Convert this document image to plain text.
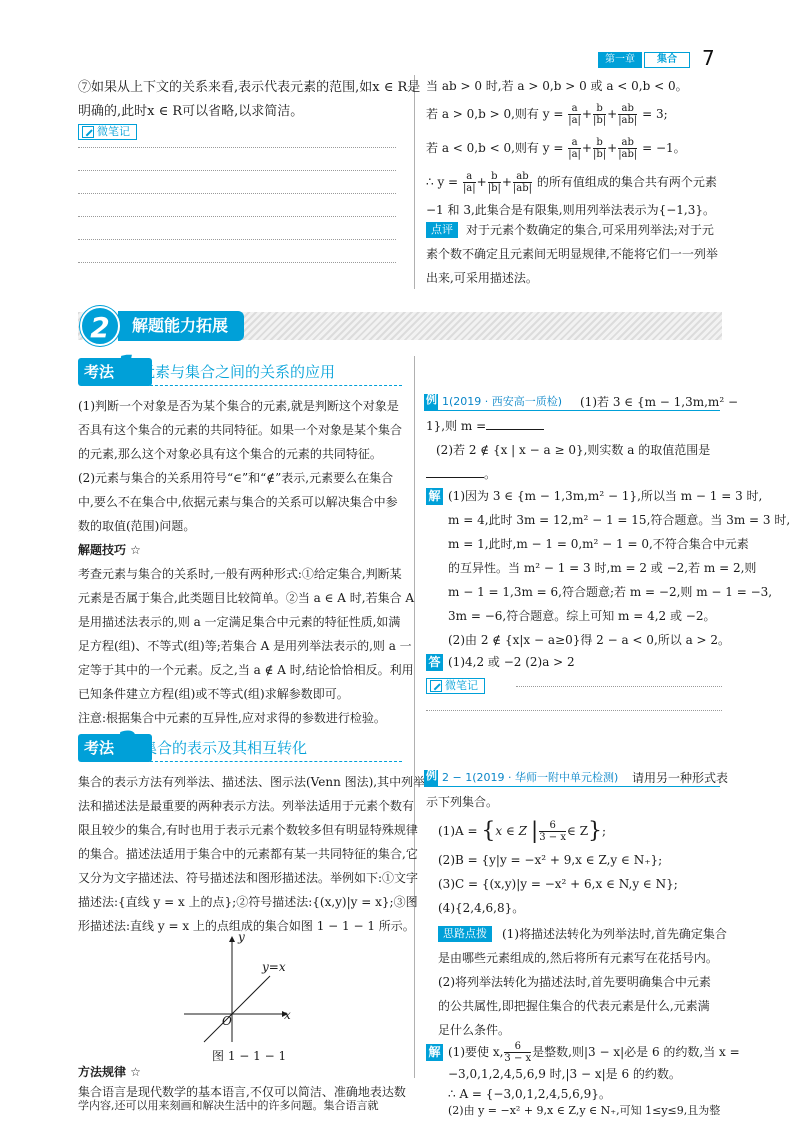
第一章	集合	7
⑦如果从上下文的关系来看,表示代表元素的范围,如x ∈ R是
明确的,此时x ∈ R可以省略,以求简洁。
微笔记
当 ab > 0 时,若 a > 0,b > 0 或 a < 0,b < 0。
若 a > 0,b > 0,则有 $y = \frac{a}{|a|} + \frac{b}{|b|} + \frac{ab}{|ab|} = 3$;
若 a < 0,b < 0,则有 $y = \frac{a}{|a|} + \frac{b}{|b|} + \frac{ab}{|ab|} = -1$。
∴ $y = \frac{a}{|a|} + \frac{b}{|b|} + \frac{ab}{|ab|}$ 的所有值组成的集合共有两个元素
−1 和 3,此集合是有限集,则用列举法表示为{−1,3}。
点评	对于元素个数确定的集合,可采用列举法;对于元
素个数不确定且元素间无明显规律,不能将它们一一列举
出来,可采用描述法。
解题能力拓展
2
考法 1 元素与集合之间的关系的应用
(1)判断一个对象是否为某个集合的元素,就是判断这个对象是
否具有这个集合的元素的共同特征。如果一个对象是某个集合
的元素,那么这个对象必具有这个集合的元素的共同特征。
(2)元素与集合的关系用符号“∈”和“∉”表示,元素要么在集合
中,要么不在集合中,依据元素与集合的关系可以解决集合中参
数的取值(范围)问题。
解题技巧 ☆
考查元素与集合的关系时,一般有两种形式:①给定集合,判断某
元素是否属于集合,此类题目比较简单。②当 a ∈ A 时,若集合 A
是用描述法表示的,则 a 一定满足集合中元素的特征性质,如满
足方程(组)、不等式(组)等;若集合 A 是用列举法表示的,则 a 一
定等于其中的一个元素。反之,当 a ∉ A 时,结论恰恰相反。利用
已知条件建立方程(组)或不等式(组)求解参数即可。
注意:根据集合中元素的互异性,应对求得的参数进行检验。
考法 2 集合的表示及其相互转化
集合的表示方法有列举法、描述法、图示法(Venn 图法),其中列举
法和描述法是最重要的两种表示方法。列举法适用于元素个数有
限且较少的集合,有时也用于表示元素个数较多但有明显特殊规律
的集合。描述法适用于集合中的元素都有某一共同特征的集合,它
又分为文字描述法、符号描述法和图形描述法。举例如下:①文字
描述法:{直线 y = x 上的点};②符号描述法:{(x,y)|y = x};③图
形描述法:直线 y = x 上的点组成的集合如图 1 − 1 − 1 所示。
y
x
O
y=x
图 1 − 1 − 1
方法规律 ☆
集合语言是现代数学的基本语言,不仅可以简洁、准确地表达数
学内容,还可以用来刻画和解决生活中的许多问题。集合语言就
例 1(2019 · 西安高一质检) (1)若 3 ∈ {m − 1,3m,m² −
1},则 m =
(2)若 2 ∉ {x | x − a ≥ 0},则实数 a 的取值范围是
。
解 (1)因为 3 ∈ {m − 1,3m,m² − 1},所以当 m − 1 = 3 时,
m = 4,此时 3m = 12,m² − 1 = 15,符合题意。当 3m = 3 时,
m = 1,此时,m − 1 = 0,m² − 1 = 0,不符合集合中元素
的互异性。当 m² − 1 = 3 时,m = 2 或 −2,若 m = 2,则
m − 1 = 1,3m = 6,符合题意;若 m = −2,则 m − 1 = −3,
3m = −6,符合题意。综上可知 m = 4,2 或 −2。
(2)由 2 ∉ {x|x − a≥0}得 2 − a < 0,所以 a > 2。
答 (1)4,2 或 −2 (2)a > 2
微笔记
例 2 − 1(2019 · 华师一附中单元检测) 请用另一种形式表
示下列集合。
(1)A = {x ∈ Z | $\frac{6}{3 - x}$ ∈ Z};
(2)B = {y|y = −x² + 9,x ∈ Z,y ∈ N₊};
(3)C = {(x,y)|y = −x² + 6,x ∈ N,y ∈ N};
(4){2,4,6,8}。
思路点拨	(1)将描述法转化为列举法时,首先确定集合
是由哪些元素组成的,然后将所有元素写在花括号内。
(2)将列举法转化为描述法时,首先要明确集合中元素
的公共属性,即把握住集合的代表元素是什么,元素满
足什么条件。
解 (1)要使 x, $\frac{6}{3 - x}$ 是整数,则|3 − x|必是 6 的约数,当 x =
−3,0,1,2,4,5,6,9 时,|3 − x|是 6 的约数。
∴ A = {−3,0,1,2,4,5,6,9}。
(2)由 y = −x² + 9,x ∈ Z,y ∈ N₊,可知 1≤y≤9,且为整
